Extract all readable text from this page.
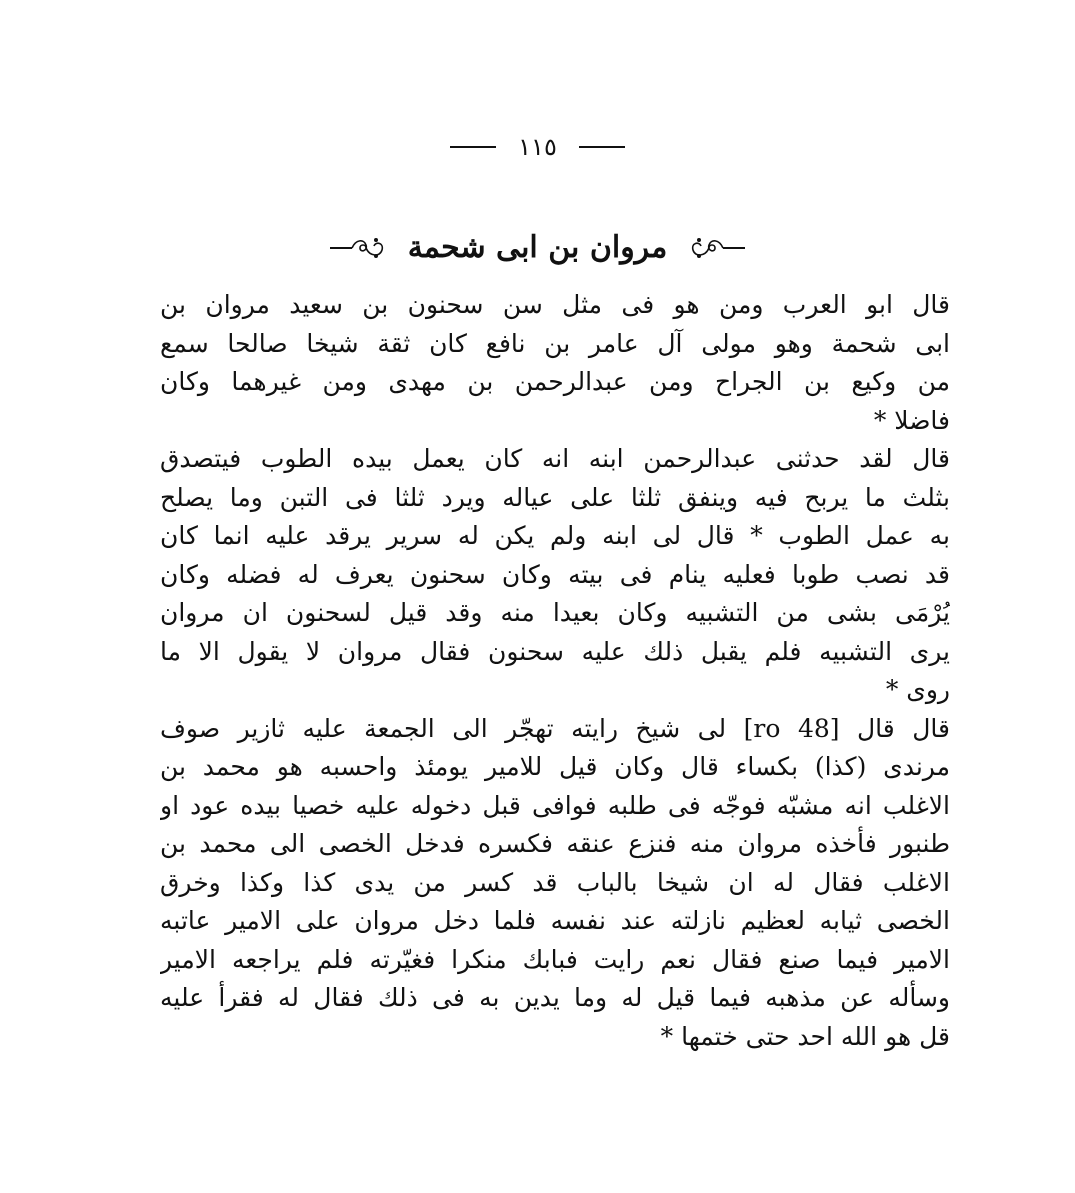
١١٥
مروان بن ابى شحمة
قال ابو العرب ومن هو فى مثل سن سحنون بن سعيد مروان بن
ابى شحمة وهو مولى آل عامر بن نافع كان ثقة شيخا صالحا سمع
من وكيع بن الجراح ومن عبدالرحمن بن مهدى ومن غيرهما وكان
فاضلا *
قال لقد حدثنى عبدالرحمن ابنه انه كان يعمل بيده الطوب فيتصدق
بثلث ما يربح فيه وينفق ثلثا على عياله ويرد ثلثا فى التبن وما يصلح
به عمل الطوب * قال لى ابنه ولم يكن له سرير يرقد عليه انما كان
قد نصب طوبا فعليه ينام فى بيته وكان سحنون يعرف له فضله وكان
يُرْمَى بشى من التشبيه وكان بعيدا منه وقد قيل لسحنون ان مروان
يرى التشبيه فلم يقبل ذلك عليه سحنون فقال مروان لا يقول الا ما
روى *
قال قال [48 ro] لى شيخ رايته تهجّر الى الجمعة عليه ثازير صوف
مرندى (كذا) بكساء قال وكان قيل للامير يومئذ واحسبه هو محمد بن
الاغلب انه مشبّه فوجّه فى طلبه فوافى قبل دخوله عليه خصيا بيده عود او
طنبور فأخذه مروان منه فنزع عنقه فكسره فدخل الخصى الى محمد بن
الاغلب فقال له ان شيخا بالباب قد كسر من يدى كذا وكذا وخرق
الخصى ثيابه لعظيم نازلته عند نفسه فلما دخل مروان على الامير عاتبه
الامير فيما صنع فقال نعم رايت فبابك منكرا فغيّرته فلم يراجعه الامير
وسأله عن مذهبه فيما قيل له وما يدين به فى ذلك فقال له فقرأ عليه
قل هو الله احد حتى ختمها *
